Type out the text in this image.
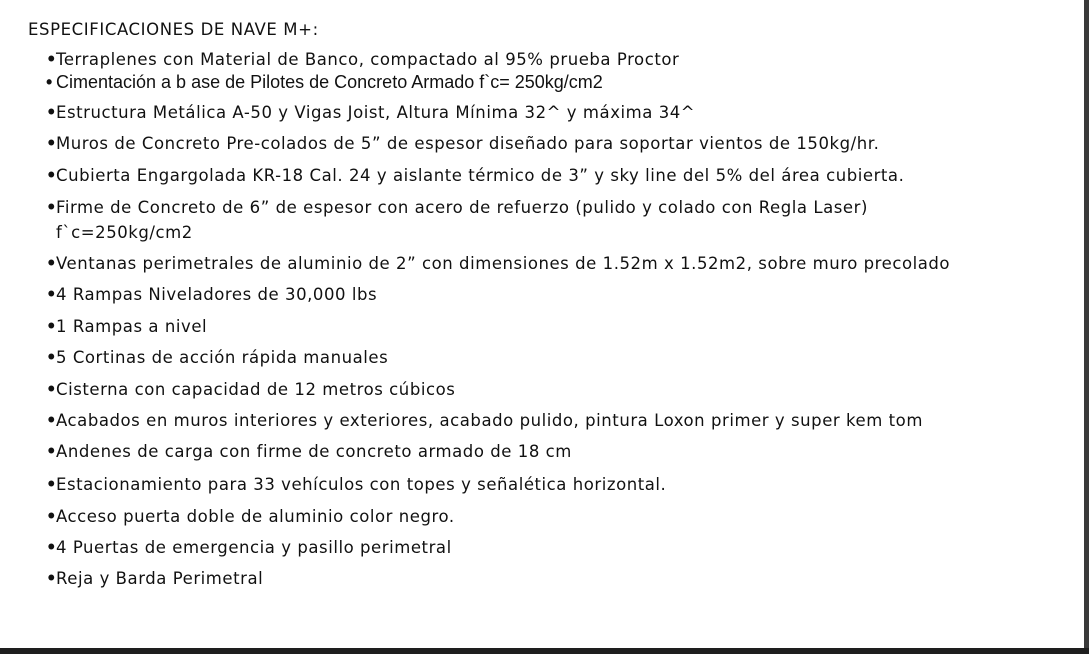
ESPECIFICACIONES DE NAVE M+:
•Terraplenes con Material de Banco, compactado al 95% prueba Proctor
• Cimentación a b ase de Pilotes de Concreto Armado f`c= 250kg/cm2
•Estructura Metálica A-50 y Vigas Joist, Altura Mínima 32^ y máxima 34^
•Muros de Concreto Pre-colados de 5” de espesor diseñado para soportar vientos de 150kg/hr.
•Cubierta Engargolada KR-18 Cal. 24 y aislante térmico de 3” y sky line del 5% del área cubierta.
•Firme de Concreto de 6” de espesor con acero de refuerzo (pulido y colado con Regla Laser)
f`c=250kg/cm2
•Ventanas perimetrales de aluminio de 2” con dimensiones de 1.52m x 1.52m2, sobre muro precolado
•4 Rampas Niveladores de 30,000 lbs
•1 Rampas a nivel
•5 Cortinas de acción rápida manuales
•Cisterna con capacidad de 12 metros cúbicos
•Acabados en muros interiores y exteriores, acabado pulido, pintura Loxon primer y super kem tom
•Andenes de carga con firme de concreto armado de 18 cm
•Estacionamiento para 33 vehículos con topes y señalética horizontal.
•Acceso puerta doble de aluminio color negro.
•4 Puertas de emergencia y pasillo perimetral
•Reja y Barda Perimetral
